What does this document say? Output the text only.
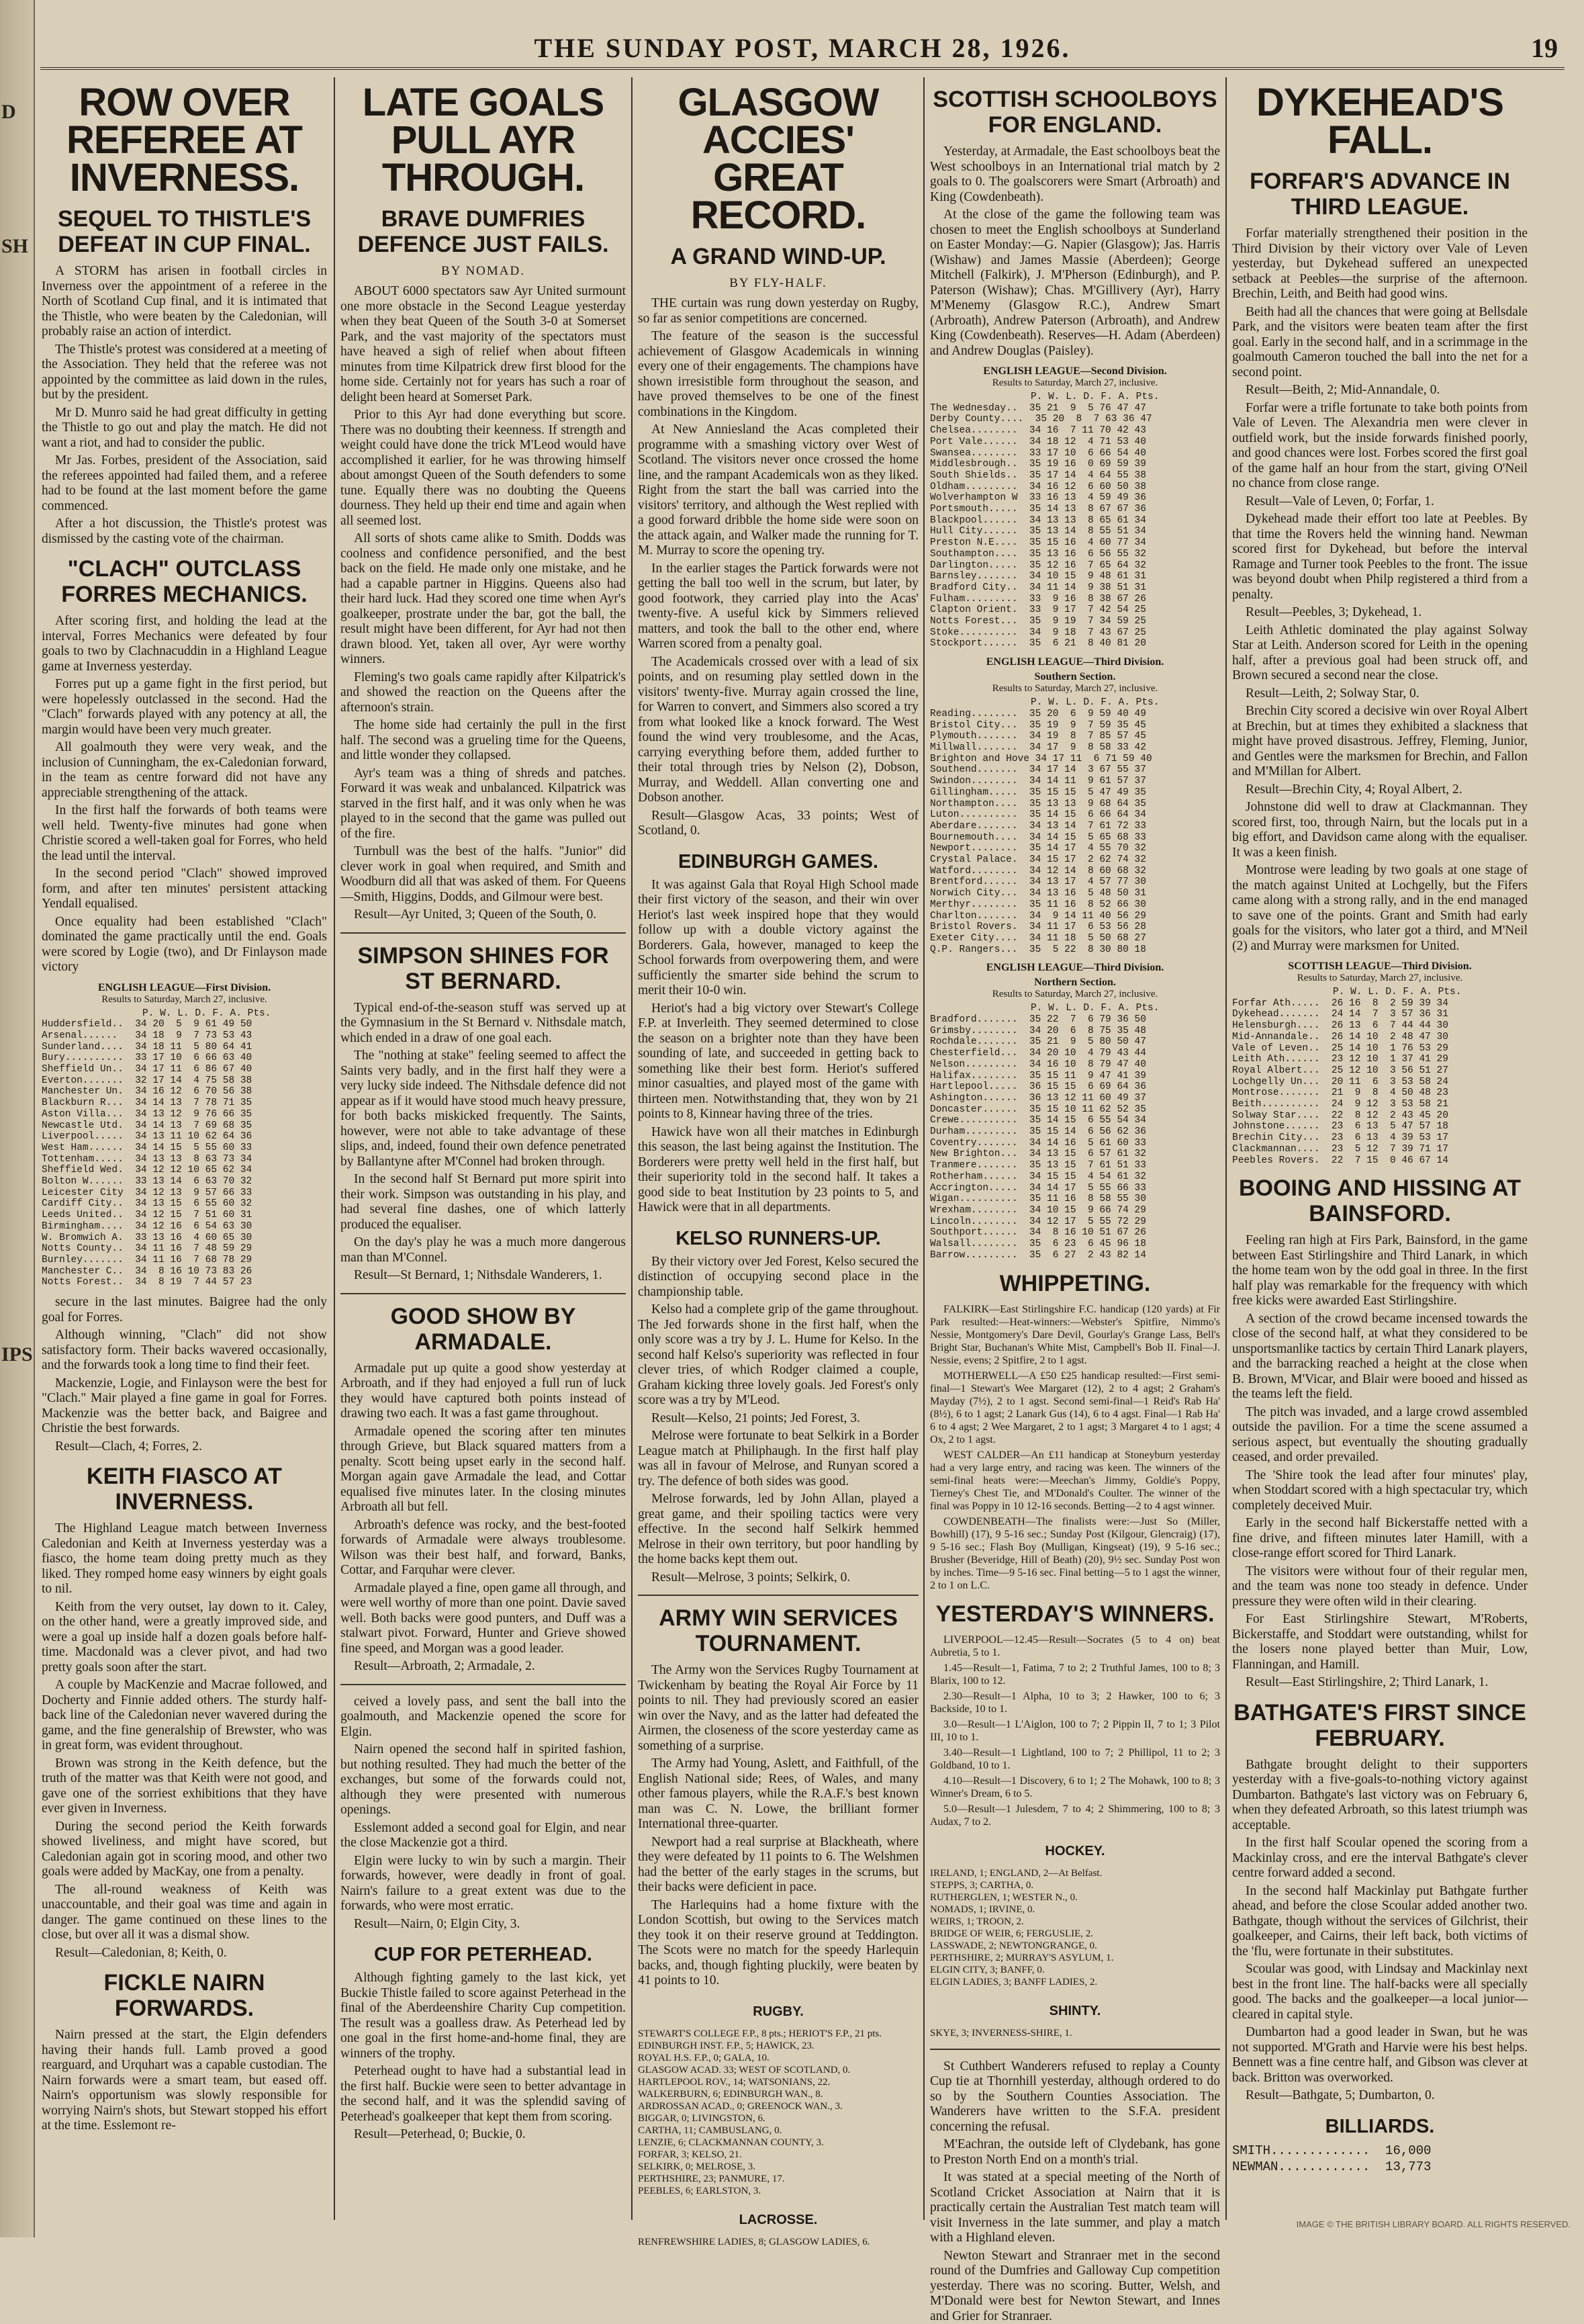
D
SH
IPS
THE SUNDAY POST, MARCH 28, 1926.	19
ROW OVER REFEREE AT INVERNESS.
SEQUEL TO THISTLE'S DEFEAT IN CUP FINAL.

A STORM has arisen in football circles in Inverness over the appointment of a referee in the North of Scotland Cup final, and it is intimated that the Thistle, who were beaten by the Caledonian, will probably raise an action of interdict.

The Thistle's protest was considered at a meeting of the Association. They held that the referee was not appointed by the committee as laid down in the rules, but by the president.

Mr D. Munro said he had great difficulty in getting the Thistle to go out and play the match. He did not want a riot, and had to consider the public.

Mr Jas. Forbes, president of the Association, said the referees appointed had failed them, and a referee had to be found at the last moment before the game commenced.

After a hot discussion, the Thistle's protest was dismissed by the casting vote of the chairman.

"CLACH" OUTCLASS FORRES MECHANICS.

After scoring first, and holding the lead at the interval, Forres Mechanics were defeated by four goals to two by Clachnacuddin in a Highland League game at Inverness yesterday.

Forres put up a game fight in the first period, but were hopelessly outclassed in the second. Had the "Clach" forwards played with any potency at all, the margin would have been very much greater.

All goalmouth they were very weak, and the inclusion of Cunningham, the ex-Caledonian forward, in the team as centre forward did not have any appreciable strengthening of the attack.

In the first half the forwards of both teams were well held. Twenty-five minutes had gone when Christie scored a well-taken goal for Forres, who held the lead until the interval.

In the second period "Clach" showed improved form, and after ten minutes' persistent attacking Yendall equalised.

Once equality had been established "Clach" dominated the game practically until the end. Goals were scored by Logie (two), and Dr Finlayson made victory

ENGLISH LEAGUE—First Division.
Results to Saturday, March 27, inclusive.
P. W. L. D. F. A. Pts.
Huddersfield..  34 20  5  9 61 49 50
Arsenal......   34 18  9  7 73 53 43
Sunderland....  34 18 11  5 80 64 41
Bury..........  33 17 10  6 66 63 40
Sheffield Un..  34 17 11  6 86 67 40
Everton.......  32 17 14  4 75 58 38
Manchester Un.  34 16 12  6 70 56 38
Blackburn R...  34 14 13  7 78 71 35
Aston Villa...  34 13 12  9 76 66 35
Newcastle Utd.  34 14 13  7 69 68 35
Liverpool.....  34 13 11 10 62 64 36
West Ham......  34 14 15  5 55 60 33
Tottenham.....  34 13 13  8 63 73 34
Sheffield Wed.  34 12 12 10 65 62 34
Bolton W......  33 13 14  6 63 70 32
Leicester City  34 12 13  9 57 66 33
Cardiff City..  34 13 15  6 55 60 32
Leeds United..  34 12 15  7 51 60 31
Birmingham....  34 12 16  6 54 63 30
W. Bromwich A.  33 13 16  4 60 65 30
Notts County..  34 11 16  7 48 59 29
Burnley.......  34 11 16  7 68 78 29
Manchester C..  34  8 16 10 73 83 26
Notts Forest..  34  8 19  7 44 57 23

secure in the last minutes. Baigree had the only goal for Forres.

Although winning, "Clach" did not show satisfactory form. Their backs wavered occasionally, and the forwards took a long time to find their feet.

Mackenzie, Logie, and Finlayson were the best for "Clach." Mair played a fine game in goal for Forres. Mackenzie was the better back, and Baigree and Christie the best forwards.

Result—Clach, 4; Forres, 2.

KEITH FIASCO AT INVERNESS.

The Highland League match between Inverness Caledonian and Keith at Inverness yesterday was a fiasco, the home team doing pretty much as they liked. They romped home easy winners by eight goals to nil.

Keith from the very outset, lay down to it. Caley, on the other hand, were a greatly improved side, and were a goal up inside half a dozen goals before half-time. Macdonald was a clever pivot, and had two pretty goals soon after the start.

A couple by MacKenzie and Macrae followed, and Docherty and Finnie added others. The sturdy half-back line of the Caledonian never wavered during the game, and the fine generalship of Brewster, who was in great form, was evident throughout.

Brown was strong in the Keith defence, but the truth of the matter was that Keith were not good, and gave one of the sorriest exhibitions that they have ever given in Inverness.

During the second period the Keith forwards showed liveliness, and might have scored, but Caledonian again got in scoring mood, and other two goals were added by MacKay, one from a penalty.

The all-round weakness of Keith was unaccountable, and their goal was time and again in danger. The game continued on these lines to the close, but over all it was a dismal show.

Result—Caledonian, 8; Keith, 0.

FICKLE NAIRN FORWARDS.

Nairn pressed at the start, the Elgin defenders having their hands full. Lamb proved a good rearguard, and Urquhart was a capable custodian. The Nairn forwards were a smart team, but eased off. Nairn's opportunism was slowly responsible for worrying Nairn's shots, but Stewart stopped his effort at the time. Esslemont re-

LATE GOALS PULL AYR THROUGH.
BRAVE DUMFRIES DEFENCE JUST FAILS.
BY NOMAD.

ABOUT 6000 spectators saw Ayr United surmount one more obstacle in the Second League yesterday when they beat Queen of the South 3-0 at Somerset Park, and the vast majority of the spectators must have heaved a sigh of relief when about fifteen minutes from time Kilpatrick drew first blood for the home side. Certainly not for years has such a roar of delight been heard at Somerset Park.

Prior to this Ayr had done everything but score. There was no doubting their keenness. If strength and weight could have done the trick M'Leod would have accomplished it earlier, for he was throwing himself about amongst Queen of the South defenders to some tune. Equally there was no doubting the Queens dourness. They held up their end time and again when all seemed lost.

All sorts of shots came alike to Smith. Dodds was coolness and confidence personified, and the best back on the field. He made only one mistake, and he had a capable partner in Higgins. Queens also had their hard luck. Had they scored one time when Ayr's goalkeeper, prostrate under the bar, got the ball, the result might have been different, for Ayr had not then drawn blood. Yet, taken all over, Ayr were worthy winners.

Fleming's two goals came rapidly after Kilpatrick's and showed the reaction on the Queens after the afternoon's strain.

The home side had certainly the pull in the first half. The second was a grueling time for the Queens, and little wonder they collapsed.

Ayr's team was a thing of shreds and patches. Forward it was weak and unbalanced. Kilpatrick was starved in the first half, and it was only when he was played to in the second that the game was pulled out of the fire.

Turnbull was the best of the halfs. "Junior" did clever work in goal when required, and Smith and Woodburn did all that was asked of them. For Queens—Smith, Higgins, Dodds, and Gilmour were best.

Result—Ayr United, 3; Queen of the South, 0.

SIMPSON SHINES FOR ST BERNARD.

Typical end-of-the-season stuff was served up at the Gymnasium in the St Bernard v. Nithsdale match, which ended in a draw of one goal each.

The "nothing at stake" feeling seemed to affect the Saints very badly, and in the first half they were a very lucky side indeed. The Nithsdale defence did not appear as if it would have stood much heavy pressure, for both backs miskicked frequently. The Saints, however, were not able to take advantage of these slips, and, indeed, found their own defence penetrated by Ballantyne after M'Connel had broken through.

In the second half St Bernard put more spirit into their work. Simpson was outstanding in his play, and had several fine dashes, one of which latterly produced the equaliser.

On the day's play he was a much more dangerous man than M'Connel.

Result—St Bernard, 1; Nithsdale Wanderers, 1.

GOOD SHOW BY ARMADALE.

Armadale put up quite a good show yesterday at Arbroath, and if they had enjoyed a full run of luck they would have captured both points instead of drawing two each. It was a fast game throughout.

Armadale opened the scoring after ten minutes through Grieve, but Black squared matters from a penalty. Scott being upset early in the second half. Morgan again gave Armadale the lead, and Cottar equalised five minutes later. In the closing minutes Arbroath all but fell.

Arbroath's defence was rocky, and the best-footed forwards of Armadale were always troublesome. Wilson was their best half, and forward, Banks, Cottar, and Farquhar were clever.

Armadale played a fine, open game all through, and were well worthy of more than one point. Davie saved well. Both backs were good punters, and Duff was a stalwart pivot. Forward, Hunter and Grieve showed fine speed, and Morgan was a good leader.

Result—Arbroath, 2; Armadale, 2.

ceived a lovely pass, and sent the ball into the goalmouth, and Mackenzie opened the score for Elgin.

Nairn opened the second half in spirited fashion, but nothing resulted. They had much the better of the exchanges, but some of the forwards could not, although they were presented with numerous openings.

Esslemont added a second goal for Elgin, and near the close Mackenzie got a third.

Elgin were lucky to win by such a margin. Their forwards, however, were deadly in front of goal. Nairn's failure to a great extent was due to the forwards, who were most erratic.

Result—Nairn, 0; Elgin City, 3.

CUP FOR PETERHEAD.

Although fighting gamely to the last kick, yet Buckie Thistle failed to score against Peterhead in the final of the Aberdeenshire Charity Cup competition. The result was a goalless draw. As Peterhead led by one goal in the first home-and-home final, they are winners of the trophy.

Peterhead ought to have had a substantial lead in the first half. Buckie were seen to better advantage in the second half, and it was the splendid saving of Peterhead's goalkeeper that kept them from scoring.

Result—Peterhead, 0; Buckie, 0.

GLASGOW ACCIES' GREAT RECORD.
A GRAND WIND-UP.
BY FLY-HALF.

THE curtain was rung down yesterday on Rugby, so far as senior competitions are concerned.

The feature of the season is the successful achievement of Glasgow Academicals in winning every one of their engagements. The champions have shown irresistible form throughout the season, and have proved themselves to be one of the finest combinations in the Kingdom.

At New Anniesland the Acas completed their programme with a smashing victory over West of Scotland. The visitors never once crossed the home line, and the rampant Academicals won as they liked. Right from the start the ball was carried into the visitors' territory, and although the West replied with a good forward dribble the home side were soon on the attack again, and Walker made the running for T. M. Murray to score the opening try.

In the earlier stages the Partick forwards were not getting the ball too well in the scrum, but later, by good footwork, they carried play into the Acas' twenty-five. A useful kick by Simmers relieved matters, and took the ball to the other end, where Warren scored from a penalty goal.

The Academicals crossed over with a lead of six points, and on resuming play settled down in the visitors' twenty-five. Murray again crossed the line, for Warren to convert, and Simmers also scored a try from what looked like a knock forward. The West found the wind very troublesome, and the Acas, carrying everything before them, added further to their total through tries by Nelson (2), Dobson, Murray, and Weddell. Allan converting one and Dobson another.

Result—Glasgow Acas, 33 points; West of Scotland, 0.

EDINBURGH GAMES.

It was against Gala that Royal High School made their first victory of the season, and their win over Heriot's last week inspired hope that they would follow up with a double victory against the Borderers. Gala, however, managed to keep the School forwards from overpowering them, and were sufficiently the smarter side behind the scrum to merit their 10-0 win.

Heriot's had a big victory over Stewart's College F.P. at Inverleith. They seemed determined to close the season on a brighter note than they have been sounding of late, and succeeded in getting back to something like their best form. Heriot's suffered minor casualties, and played most of the game with thirteen men. Notwithstanding that, they won by 21 points to 8, Kinnear having three of the tries.

Hawick have won all their matches in Edinburgh this season, the last being against the Institution. The Borderers were pretty well held in the first half, but their superiority told in the second half. It takes a good side to beat Institution by 23 points to 5, and Hawick were that in all departments.

KELSO RUNNERS-UP.

By their victory over Jed Forest, Kelso secured the distinction of occupying second place in the championship table.

Kelso had a complete grip of the game throughout. The Jed forwards shone in the first half, when the only score was a try by J. L. Hume for Kelso. In the second half Kelso's superiority was reflected in four clever tries, of which Rodger claimed a couple, Graham kicking three lovely goals. Jed Forest's only score was a try by M'Leod.

Result—Kelso, 21 points; Jed Forest, 3.

Melrose were fortunate to beat Selkirk in a Border League match at Philiphaugh. In the first half play was all in favour of Melrose, and Runyan scored a try. The defence of both sides was good.

Melrose forwards, led by John Allan, played a great game, and their spoiling tactics were very effective. In the second half Selkirk hemmed Melrose in their own territory, but poor handling by the home backs kept them out.

Result—Melrose, 3 points; Selkirk, 0.

ARMY WIN SERVICES TOURNAMENT.

The Army won the Services Rugby Tournament at Twickenham by beating the Royal Air Force by 11 points to nil. They had previously scored an easier win over the Navy, and as the latter had defeated the Airmen, the closeness of the score yesterday came as something of a surprise.

The Army had Young, Aslett, and Faithfull, of the English National side; Rees, of Wales, and many other famous players, while the R.A.F.'s best known man was C. N. Lowe, the brilliant former International three-quarter.

Newport had a real surprise at Blackheath, where they were defeated by 11 points to 6. The Welshmen had the better of the early stages in the scrums, but their backs were deficient in pace.

The Harlequins had a home fixture with the London Scottish, but owing to the Services match they took it on their reserve ground at Teddington. The Scots were no match for the speedy Harlequin backs, and, though fighting pluckily, were beaten by 41 points to 10.

RUGBY.
STEWART'S COLLEGE F.P., 8 pts.; HERIOT'S F.P., 21 pts.
EDINBURGH INST. F.P., 5; HAWICK, 23.
ROYAL H.S. F.P., 0; GALA, 10.
GLASGOW ACAD. 33; WEST OF SCOTLAND, 0.
HARTLEPOOL ROV., 14; WATSONIANS, 22.
WALKERBURN, 6; EDINBURGH WAN., 8.
ARDROSSAN ACAD., 0; GREENOCK WAN., 3.
BIGGAR, 0; LIVINGSTON, 6.
CARTHA, 11; CAMBUSLANG, 0.
LENZIE, 6; CLACKMANNAN COUNTY, 3.
FORFAR, 3; KELSO, 21.
SELKIRK, 0; MELROSE, 3.
PERTHSHIRE, 23; PANMURE, 17.
PEEBLES, 6; EARLSTON, 3.
LACROSSE.
RENFREWSHIRE LADIES, 8; GLASGOW LADIES, 6.
SCOTTISH SCHOOLBOYS FOR ENGLAND.

Yesterday, at Armadale, the East schoolboys beat the West schoolboys in an International trial match by 2 goals to 0. The goalscorers were Smart (Arbroath) and King (Cowdenbeath).

At the close of the game the following team was chosen to meet the English schoolboys at Sunderland on Easter Monday:—G. Napier (Glasgow); Jas. Harris (Wishaw) and James Massie (Aberdeen); George Mitchell (Falkirk), J. M'Pherson (Edinburgh), and P. Paterson (Wishaw); Chas. M'Gillivery (Ayr), Harry M'Menemy (Glasgow R.C.), Andrew Smart (Arbroath), Andrew Paterson (Arbroath), and Andrew King (Cowdenbeath). Reserves—H. Adam (Aberdeen) and Andrew Douglas (Paisley).

ENGLISH LEAGUE—Second Division.
Results to Saturday, March 27, inclusive.
P. W. L. D. F. A. Pts.
The Wednesday..  35 21  9  5 76 47 47
Derby County....  35 20  8  7 63 36 47
Chelsea........  34 16  7 11 70 42 43
Port Vale......  34 18 12  4 71 53 40
Swansea........  33 17 10  6 66 54 40
Middlesbrough..  35 19 16  0 69 59 39
South Shields..  35 17 14  4 64 55 38
Oldham.........  34 16 12  6 60 50 38
Wolverhampton W  33 16 13  4 59 49 36
Portsmouth.....  35 14 13  8 67 67 36
Blackpool......  34 13 13  8 65 61 34
Hull City......  35 13 14  8 55 51 34
Preston N.E....  35 15 16  4 60 77 34
Southampton....  35 13 16  6 56 55 32
Darlington.....  35 12 16  7 65 64 32
Barnsley.......  34 10 15  9 48 61 31
Bradford City..  34 11 14  9 38 51 31
Fulham.........  33  9 16  8 38 67 26
Clapton Orient.  33  9 17  7 42 54 25
Notts Forest...  35  9 19  7 34 59 25
Stoke..........  34  9 18  7 43 67 25
Stockport......  35  6 21  8 40 81 20
ENGLISH LEAGUE—Third Division.
Southern Section.
Results to Saturday, March 27, inclusive.
P. W. L. D. F. A. Pts.
Reading........  35 20  6  9 59 40 49
Bristol City...  35 19  9  7 59 35 45
Plymouth.......  34 19  8  7 85 57 45
Millwall.......  34 17  9  8 58 33 42
Brighton and Hove 34 17 11  6 71 59 40
Southend.......  34 17 14  3 67 55 37
Swindon........  34 14 11  9 61 57 37
Gillingham.....  35 15 15  5 47 49 35
Northampton....  35 13 13  9 68 64 35
Luton..........  35 14 15  6 66 64 34
Aberdare.......  34 13 14  7 61 72 33
Bournemouth....  34 14 15  5 65 68 33
Newport........  35 14 17  4 55 70 32
Crystal Palace.  34 15 17  2 62 74 32
Watford........  34 12 14  8 60 68 32
Brentford......  34 13 17  4 57 77 30
Norwich City...  34 13 16  5 48 50 31
Merthyr........  35 11 16  8 52 66 30
Charlton.......  34  9 14 11 40 56 29
Bristol Rovers.  34 11 17  6 53 56 28
Exeter City....  34 11 18  5 50 68 27
Q.P. Rangers...  35  5 22  8 30 80 18
ENGLISH LEAGUE—Third Division.
Northern Section.
Results to Saturday, March 27, inclusive.
P. W. L. D. F. A. Pts.
Bradford.......  35 22  7  6 79 36 50
Grimsby........  34 20  6  8 75 35 48
Rochdale.......  35 21  9  5 80 50 47
Chesterfield...  34 20 10  4 79 43 44
Nelson.........  34 16 10  8 79 47 40
Halifax........  35 15 11  9 47 41 39
Hartlepool.....  36 15 15  6 69 64 36
Ashington......  36 13 12 11 60 49 37
Doncaster......  35 15 10 11 62 52 35
Crewe..........  35 14 15  6 55 54 34
Durham.........  35 15 14  6 56 62 36
Coventry.......  34 14 16  5 61 60 33
New Brighton...  34 13 15  6 57 61 32
Tranmere.......  35 13 15  7 61 51 33
Rotherham......  34 15 15  4 54 61 32
Accrington.....  34 14 17  5 55 66 33
Wigan..........  35 11 16  8 58 55 30
Wrexham........  34 10 15  9 66 74 29
Lincoln........  34 12 17  5 55 72 29
Southport......  34  8 16 10 51 67 26
Walsall........  35  6 23  6 45 96 18
Barrow.........  35  6 27  2 43 82 14
WHIPPETING.

FALKIRK—East Stirlingshire F.C. handicap (120 yards) at Fir Park resulted:—Heat-winners:—Webster's Spitfire, Nimmo's Nessie, Montgomery's Dare Devil, Gourlay's Grange Lass, Bell's Bright Star, Buchanan's White Mist, Campbell's Bob II. Final—J. Nessie, evens; 2 Spitfire, 2 to 1 agst.

MOTHERWELL—A £50 £25 handicap resulted:—First semi-final—1 Stewart's Wee Margaret (12), 2 to 4 agst; 2 Graham's Mayday (7½), 2 to 1 agst. Second semi-final—1 Reid's Rab Ha' (8½), 6 to 1 agst; 2 Lanark Gus (14), 6 to 4 agst. Final—1 Rab Ha' 6 to 4 agst; 2 Wee Margaret, 2 to 1 agst; 3 Margaret 4 to 1 agst; 4 Ox, 2 to 1 agst.

WEST CALDER—An £11 handicap at Stoneyburn yesterday had a very large entry, and racing was keen. The winners of the semi-final heats were:—Meechan's Jimmy, Goldie's Poppy, Tierney's Chest Tie, and M'Donald's Coulter. The winner of the final was Poppy in 10 12-16 seconds. Betting—2 to 4 agst winner.

COWDENBEATH—The finalists were:—Just So (Miller, Bowhill) (17), 9 5-16 sec.; Sunday Post (Kilgour, Glencraig) (17), 9 5-16 sec.; Flash Boy (Mulligan, Kingseat) (19), 9 5-16 sec.; Brusher (Beveridge, Hill of Beath) (20), 9½ sec. Sunday Post won by inches. Time—9 5-16 sec. Final betting—5 to 1 agst the winner, 2 to 1 on L.C.

YESTERDAY'S WINNERS.

LIVERPOOL—12.45—Result—Socrates (5 to 4 on) beat Aubretia, 5 to 1.

1.45—Result—1, Fatima, 7 to 2; 2 Truthful James, 100 to 8; 3 Blarix, 100 to 12.

2.30—Result—1 Alpha, 10 to 3; 2 Hawker, 100 to 6; 3 Backside, 10 to 1.

3.0—Result—1 L'Aiglon, 100 to 7; 2 Pippin II, 7 to 1; 3 Pilot III, 10 to 1.

3.40—Result—1 Lightland, 100 to 7; 2 Phillipol, 11 to 2; 3 Goldband, 10 to 1.

4.10—Result—1 Discovery, 6 to 1; 2 The Mohawk, 100 to 8; 3 Winner's Dream, 6 to 5.

5.0—Result—1 Julesdem, 7 to 4; 2 Shimmering, 100 to 8; 3 Audax, 7 to 2.

HOCKEY.
IRELAND, 1; ENGLAND, 2—At Belfast.
STEPPS, 3; CARTHA, 0.
RUTHERGLEN, 1; WESTER N., 0.
NOMADS, 1; IRVINE, 0.
WEIRS, 1; TROON, 2.
BRIDGE OF WEIR, 6; FERGUSLIE, 2.
LASSWADE, 2; NEWTONGRANGE, 0.
PERTHSHIRE, 2; MURRAY'S ASYLUM, 1.
ELGIN CITY, 3; BANFF, 0.
ELGIN LADIES, 3; BANFF LADIES, 2.
SHINTY.
SKYE, 3; INVERNESS-SHIRE, 1.

St Cuthbert Wanderers refused to replay a County Cup tie at Thornhill yesterday, although ordered to do so by the Southern Counties Association. The Wanderers have written to the S.F.A. president concerning the refusal.

M'Eachran, the outside left of Clydebank, has gone to Preston North End on a month's trial.

It was stated at a special meeting of the North of Scotland Cricket Association at Nairn that it is practically certain the Australian Test match team will visit Inverness in the late summer, and play a match with a Highland eleven.

Newton Stewart and Stranraer met in the second round of the Dumfries and Galloway Cup competition yesterday. There was no scoring. Butter, Welsh, and M'Donald were best for Newton Stewart, and Innes and Grier for Stranraer.

DYKEHEAD'S FALL.
FORFAR'S ADVANCE IN THIRD LEAGUE.

Forfar materially strengthened their position in the Third Division by their victory over Vale of Leven yesterday, but Dykehead suffered an unexpected setback at Peebles—the surprise of the afternoon. Brechin, Leith, and Beith had good wins.

Beith had all the chances that were going at Bellsdale Park, and the visitors were beaten team after the first goal. Early in the second half, and in a scrimmage in the goalmouth Cameron touched the ball into the net for a second point.

Result—Beith, 2; Mid-Annandale, 0.

Forfar were a trifle fortunate to take both points from Vale of Leven. The Alexandria men were clever in outfield work, but the inside forwards finished poorly, and good chances were lost. Forbes scored the first goal of the game half an hour from the start, giving O'Neil no chance from close range.

Result—Vale of Leven, 0; Forfar, 1.

Dykehead made their effort too late at Peebles. By that time the Rovers held the winning hand. Newman scored first for Dykehead, but before the interval Ramage and Turner took Peebles to the front. The issue was beyond doubt when Philp registered a third from a penalty.

Result—Peebles, 3; Dykehead, 1.

Leith Athletic dominated the play against Solway Star at Leith. Anderson scored for Leith in the opening half, after a previous goal had been struck off, and Brown secured a second near the close.

Result—Leith, 2; Solway Star, 0.

Brechin City scored a decisive win over Royal Albert at Brechin, but at times they exhibited a slackness that might have proved disastrous. Jeffrey, Fleming, Junior, and Gentles were the marksmen for Brechin, and Fallon and M'Millan for Albert.

Result—Brechin City, 4; Royal Albert, 2.

Johnstone did well to draw at Clackmannan. They scored first, too, through Nairn, but the locals put in a big effort, and Davidson came along with the equaliser. It was a keen finish.

Montrose were leading by two goals at one stage of the match against United at Lochgelly, but the Fifers came along with a strong rally, and in the end managed to save one of the points. Grant and Smith had early goals for the visitors, who later got a third, and M'Neil (2) and Murray were marksmen for United.

SCOTTISH LEAGUE—Third Division.
Results to Saturday, March 27, inclusive.
P. W. L. D. F. A. Pts.
Forfar Ath.....  26 16  8  2 59 39 34
Dykehead.......  24 14  7  3 57 36 31
Helensburgh....  26 13  6  7 44 44 30
Mid-Annandale..  26 14 10  2 48 47 30
Vale of Leven..  25 14 10  1 76 53 29
Leith Ath......  23 12 10  1 37 41 29
Royal Albert...  25 12 10  3 56 51 27
Lochgelly Un...  20 11  6  3 53 58 24
Montrose.......  21  9  8  4 50 48 23
Beith..........  24  9 12  3 53 58 21
Solway Star....  22  8 12  2 43 45 20
Johnstone......  23  6 13  5 47 57 18
Brechin City...  23  6 13  4 39 53 17
Clackmannan....  23  5 12  7 39 71 17
Peebles Rovers.  22  7 15  0 46 67 14
BOOING AND HISSING AT BAINSFORD.

Feeling ran high at Firs Park, Bainsford, in the game between East Stirlingshire and Third Lanark, in which the home team won by the odd goal in three. In the first half play was remarkable for the frequency with which free kicks were awarded East Stirlingshire.

A section of the crowd became incensed towards the close of the second half, at what they considered to be unsportsmanlike tactics by certain Third Lanark players, and the barracking reached a height at the close when B. Brown, M'Vicar, and Blair were booed and hissed as the teams left the field.

The pitch was invaded, and a large crowd assembled outside the pavilion. For a time the scene assumed a serious aspect, but eventually the shouting gradually ceased, and order prevailed.

The 'Shire took the lead after four minutes' play, when Stoddart scored with a high spectacular try, which completely deceived Muir.

Early in the second half Bickerstaffe netted with a fine drive, and fifteen minutes later Hamill, with a close-range effort scored for Third Lanark.

The visitors were without four of their regular men, and the team was none too steady in defence. Under pressure they were often wild in their clearing.

For East Stirlingshire Stewart, M'Roberts, Bickerstaffe, and Stoddart were outstanding, whilst for the losers none played better than Muir, Low, Flanningan, and Hamill.

Result—East Stirlingshire, 2; Third Lanark, 1.

BATHGATE'S FIRST SINCE FEBRUARY.

Bathgate brought delight to their supporters yesterday with a five-goals-to-nothing victory against Dumbarton. Bathgate's last victory was on February 6, when they defeated Arbroath, so this latest triumph was acceptable.

In the first half Scoular opened the scoring from a Mackinlay cross, and ere the interval Bathgate's clever centre forward added a second.

In the second half Mackinlay put Bathgate further ahead, and before the close Scoular added another two. Bathgate, though without the services of Gilchrist, their goalkeeper, and Cairns, their left back, both victims of the 'flu, were fortunate in their substitutes.

Scoular was good, with Lindsay and Mackinlay next best in the front line. The half-backs were all specially good. The backs and the goalkeeper—a local junior—cleared in capital style.

Dumbarton had a good leader in Swan, but he was not supported. M'Grath and Harvie were his best helps. Bennett was a fine centre half, and Gibson was clever at back. Britton was overworked.

Result—Bathgate, 5; Dumbarton, 0.

BILLIARDS.
SMITH.............  16,000
NEWMAN............  13,773
IMAGE © THE BRITISH LIBRARY BOARD. ALL RIGHTS RESERVED.
